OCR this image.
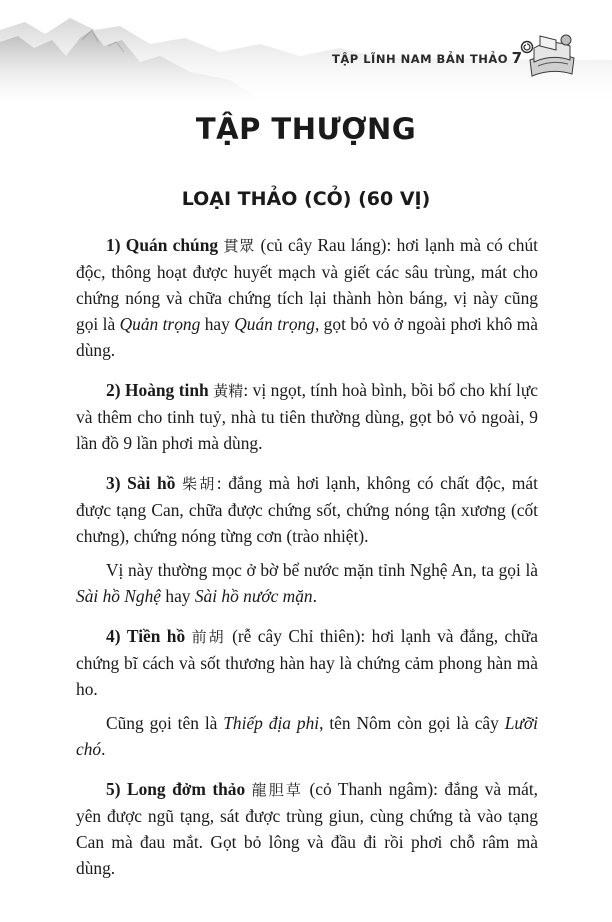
TẬP LĨNH NAM BẢN THẢO 7
TẬP THƯỢNG
LOẠI THẢO (CỎ) (60 VỊ)

1) Quán chúng 貫眾 (củ cây Rau láng): hơi lạnh mà có chút độc, thông hoạt được huyết mạch và giết các sâu trùng, mát cho chứng nóng và chữa chứng tích lại thành hòn báng, vị này cũng gọi là Quản trọng hay Quán trọng, gọt bỏ vỏ ở ngoài phơi khô mà dùng.

2) Hoàng tinh 黃精: vị ngọt, tính hoà bình, bồi bổ cho khí lực và thêm cho tinh tuỷ, nhà tu tiên thường dùng, gọt bỏ vỏ ngoài, 9 lần đồ 9 lần phơi mà dùng.

3) Sài hồ 柴胡: đắng mà hơi lạnh, không có chất độc, mát được tạng Can, chữa được chứng sốt, chứng nóng tận xương (cốt chưng), chứng nóng từng cơn (trào nhiệt).

Vị này thường mọc ở bờ bể nước mặn tỉnh Nghệ An, ta gọi là Sài hồ Nghệ hay Sài hồ nước mặn.

4) Tiền hồ 前胡 (rễ cây Chỉ thiên): hơi lạnh và đắng, chữa chứng bĩ cách và sốt thương hàn hay là chứng cảm phong hàn mà ho.

Cũng gọi tên là Thiếp địa phi, tên Nôm còn gọi là cây Lưỡi chó.

5) Long đởm thảo 龍胆草 (cỏ Thanh ngâm): đắng và mát, yên được ngũ tạng, sát được trùng giun, cùng chứng tà vào tạng Can mà đau mắt. Gọt bỏ lông và đầu đi rồi phơi chỗ râm mà dùng.
